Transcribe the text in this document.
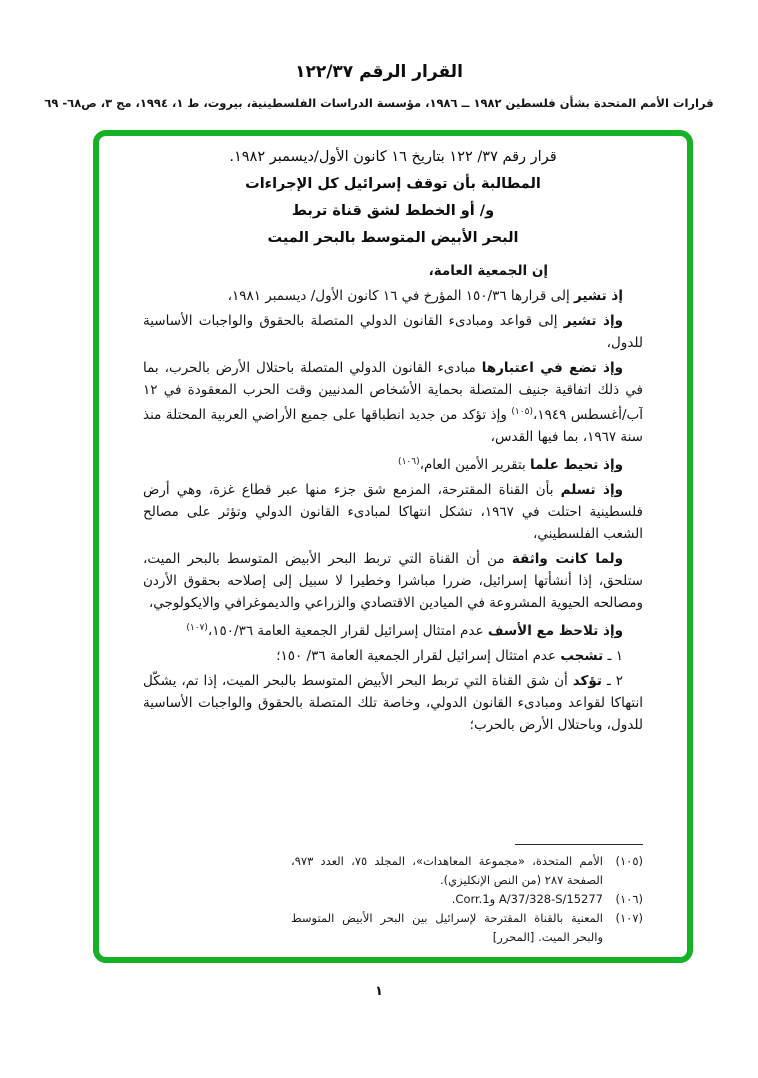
القرار الرقم ١٢٢/٣٧
قرارات الأمم المتحدة بشأن فلسطين ١٩٨٢ ــ ١٩٨٦، مؤسسة الدراسات الفلسطينية، بيروت، ط ١، ١٩٩٤، مج ٣، ص٦٨- ٦٩
قرار رقم ٣٧/ ١٢٢ بتاريخ ١٦ كانون الأول/ديسمبر ١٩٨٢.
المطالبة بأن توقف إسرائيل كل الإجراءات
و/ أو الخطط لشق قناة تربط
البحر الأبيض المتوسط بالبحر الميت

إن الجمعية العامة،

إذ تشير إلى قرارها ١٥٠/٣٦ المؤرخ في ١٦ كانون الأول/ ديسمبر ١٩٨١،

وإذ تشير إلى قواعد ومبادىء القانون الدولي المتصلة بالحقوق والواجبات الأساسية للدول،

وإذ تضع في اعتبارها مبادىء القانون الدولي المتصلة باحتلال الأرض بالحرب، بما في ذلك اتفاقية جنيف المتصلة بحماية الأشخاص المدنيين وقت الحرب المعقودة في ١٢ آب/أغسطس ١٩٤٩،$^{(١٠٥)}$ وإذ تؤكد من جديد انطباقها على جميع الأراضي العربية المحتلة منذ سنة ١٩٦٧، بما فيها القدس،

وإذ تحيط علما بتقرير الأمين العام،$^{(١٠٦)}$

وإذ تسلم بأن القناة المقترحة، المزمع شق جزء منها عبر قطاع غزة، وهي أرض فلسطينية احتلت في ١٩٦٧، تشكل انتهاكا لمبادىء القانون الدولي وتؤثر على مصالح الشعب الفلسطيني،

ولما كانت واثقة من أن القناة التي تربط البحر الأبيض المتوسط بالبحر الميت، ستلحق، إذا أنشأتها إسرائيل، ضررا مباشرا وخطيرا لا سبيل إلى إصلاحه بحقوق الأردن ومصالحه الحيوية المشروعة في الميادين الاقتصادي والزراعي والديموغرافي والايكولوجي،

وإذ تلاحظ مع الأسف عدم امتثال إسرائيل لقرار الجمعية العامة ١٥٠/٣٦،$^{(١٠٧)}$

١ ـ تشجب عدم امتثال إسرائيل لقرار الجمعية العامة ٣٦/ ١٥٠؛

٢ ـ تؤكد أن شق القناة التي تربط البحر الأبيض المتوسط بالبحر الميت، إذا تم، يشكّل انتهاكا لقواعد ومبادىء القانون الدولي، وخاصة تلك المتصلة بالحقوق والواجبات الأساسية للدول، وباحتلال الأرض بالحرب؛

(١٠٥)
الأمم المتحدة، «مجموعة المعاهدات»، المجلد ٧٥، العدد ٩٧٣، الصفحة ٢٨٧ (من النص الإنكليزي).
(١٠٦)
A/37/328-S/15277 وCorr.1.
(١٠٧)
المعنية بالقناة المقترحة لإسرائيل بين البحر الأبيض المتوسط والبحر الميت. [المحرر]
١
